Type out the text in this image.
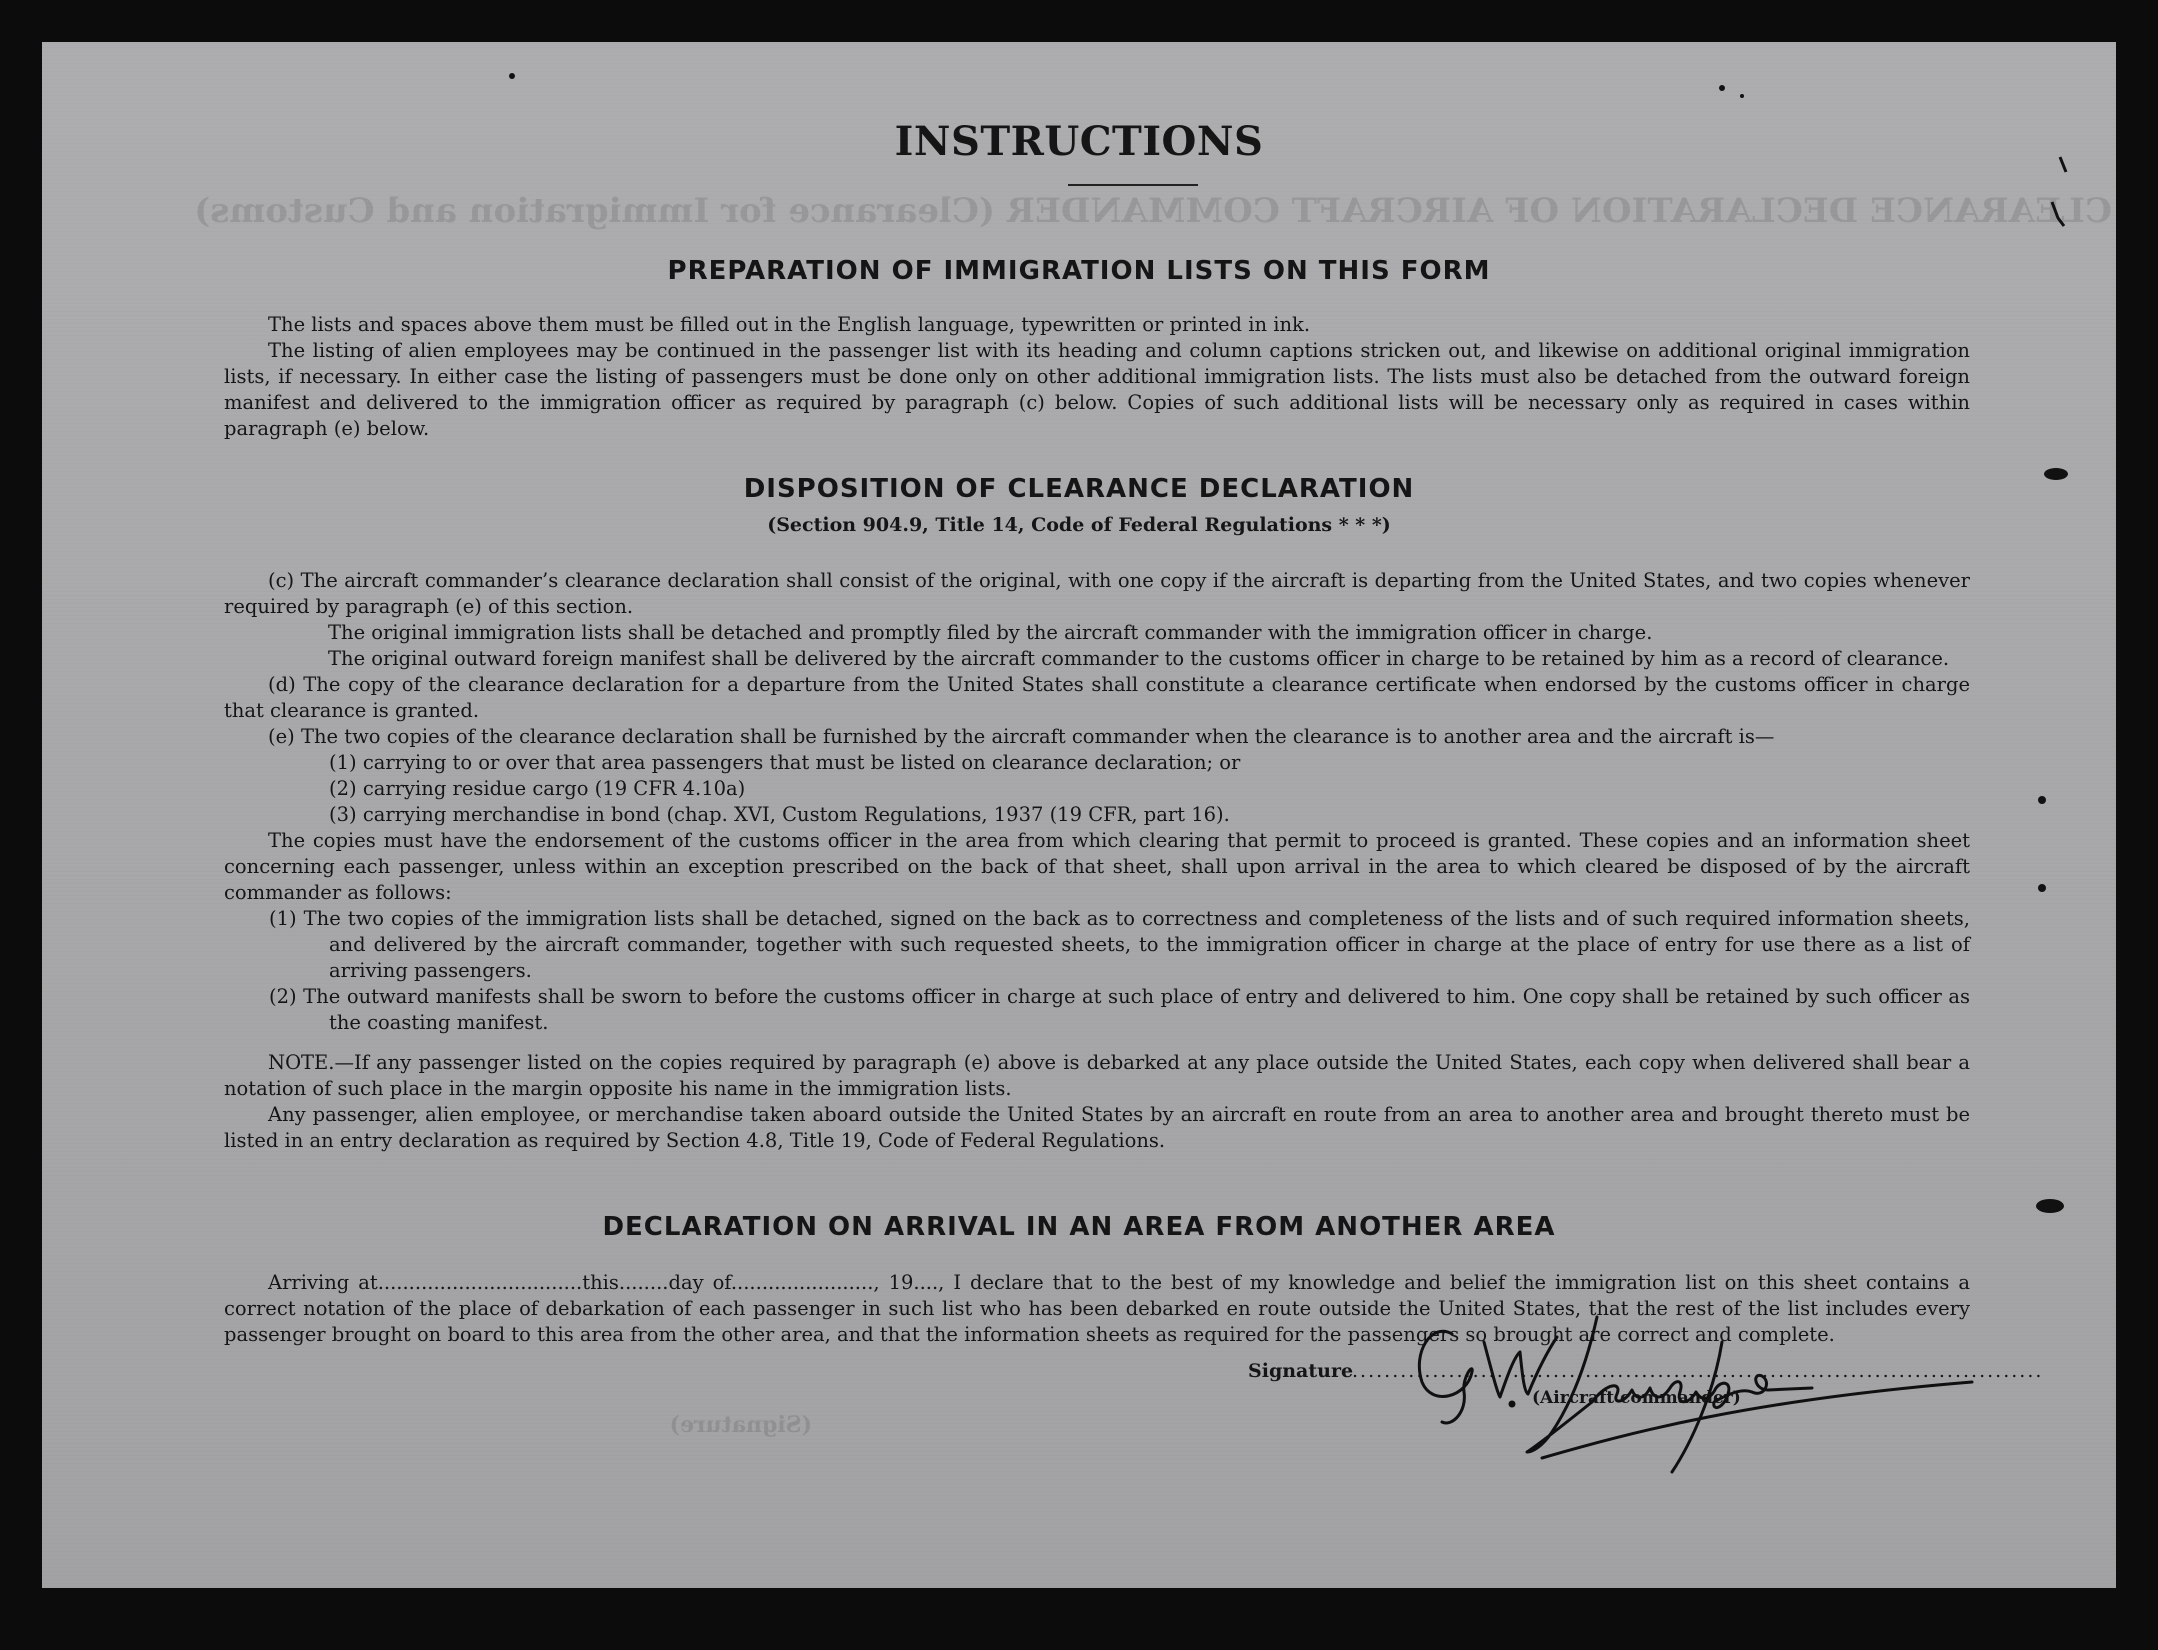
CLEARANCE DECLARATION OF AIRCRAFT COMMANDER (Clearance for Immigration and Customs)
(Signature)
INSTRUCTIONS
PREPARATION OF IMMIGRATION LISTS ON THIS FORM

The lists and spaces above them must be filled out in the English language, typewritten or printed in ink.

The listing of alien employees may be continued in the passenger list with its heading and column captions stricken out, and likewise on additional original immigration lists, if necessary. In either case the listing of passengers must be done only on other additional immigration lists. The lists must also be detached from the outward foreign manifest and delivered to the immigration officer as required by paragraph (c) below. Copies of such additional lists will be necessary only as required in cases within paragraph (e) below.

DISPOSITION OF CLEARANCE DECLARATION
(Section 904.9, Title 14, Code of Federal Regulations * * *)

(c) The aircraft commander’s clearance declaration shall consist of the original, with one copy if the aircraft is departing from the United States, and two copies whenever required by paragraph (e) of this section.

The original immigration lists shall be detached and promptly filed by the aircraft commander with the immigration officer in charge.

The original outward foreign manifest shall be delivered by the aircraft commander to the customs officer in charge to be retained by him as a record of clearance.

(d) The copy of the clearance declaration for a departure from the United States shall constitute a clearance certificate when endorsed by the customs officer in charge that clearance is granted.

(e) The two copies of the clearance declaration shall be furnished by the aircraft commander when the clearance is to another area and the aircraft is—

(1) carrying to or over that area passengers that must be listed on clearance declaration; or

(2) carrying residue cargo (19 CFR 4.10a)

(3) carrying merchandise in bond (chap. XVI, Custom Regulations, 1937 (19 CFR, part 16).

The copies must have the endorsement of the customs officer in the area from which clearing that permit to proceed is granted. These copies and an information sheet concerning each passenger, unless within an exception prescribed on the back of that sheet, shall upon arrival in the area to which cleared be disposed of by the aircraft commander as follows:

(1) The two copies of the immigration lists shall be detached, signed on the back as to correctness and completeness of the lists and of such required information sheets, and delivered by the aircraft commander, together with such requested sheets, to the immigration officer in charge at the place of entry for use there as a list of arriving passengers.

(2) The outward manifests shall be sworn to before the customs officer in charge at such place of entry and delivered to him. One copy shall be retained by such officer as the coasting manifest.

NOTE.—If any passenger listed on the copies required by paragraph (e) above is debarked at any place outside the United States, each copy when delivered shall bear a notation of such place in the margin opposite his name in the immigration lists.

Any passenger, alien employee, or merchandise taken aboard outside the United States by an aircraft en route from an area to another area and brought thereto must be listed in an entry declaration as required by Section 4.8, Title 19, Code of Federal Regulations.

DECLARATION ON ARRIVAL IN AN AREA FROM ANOTHER AREA

Arriving at.................................this........day of......................., 19...., I declare that to the best of my knowledge and belief the immigration list on this sheet contains a correct notation of the place of debarkation of each passenger in such list who has been debarked en route outside the United States, that the rest of the list includes every passenger brought on board to this area from the other area, and that the information sheets as required for the passengers so brought are correct and complete.

Signature
......................................................................................
(Aircraft commander)
